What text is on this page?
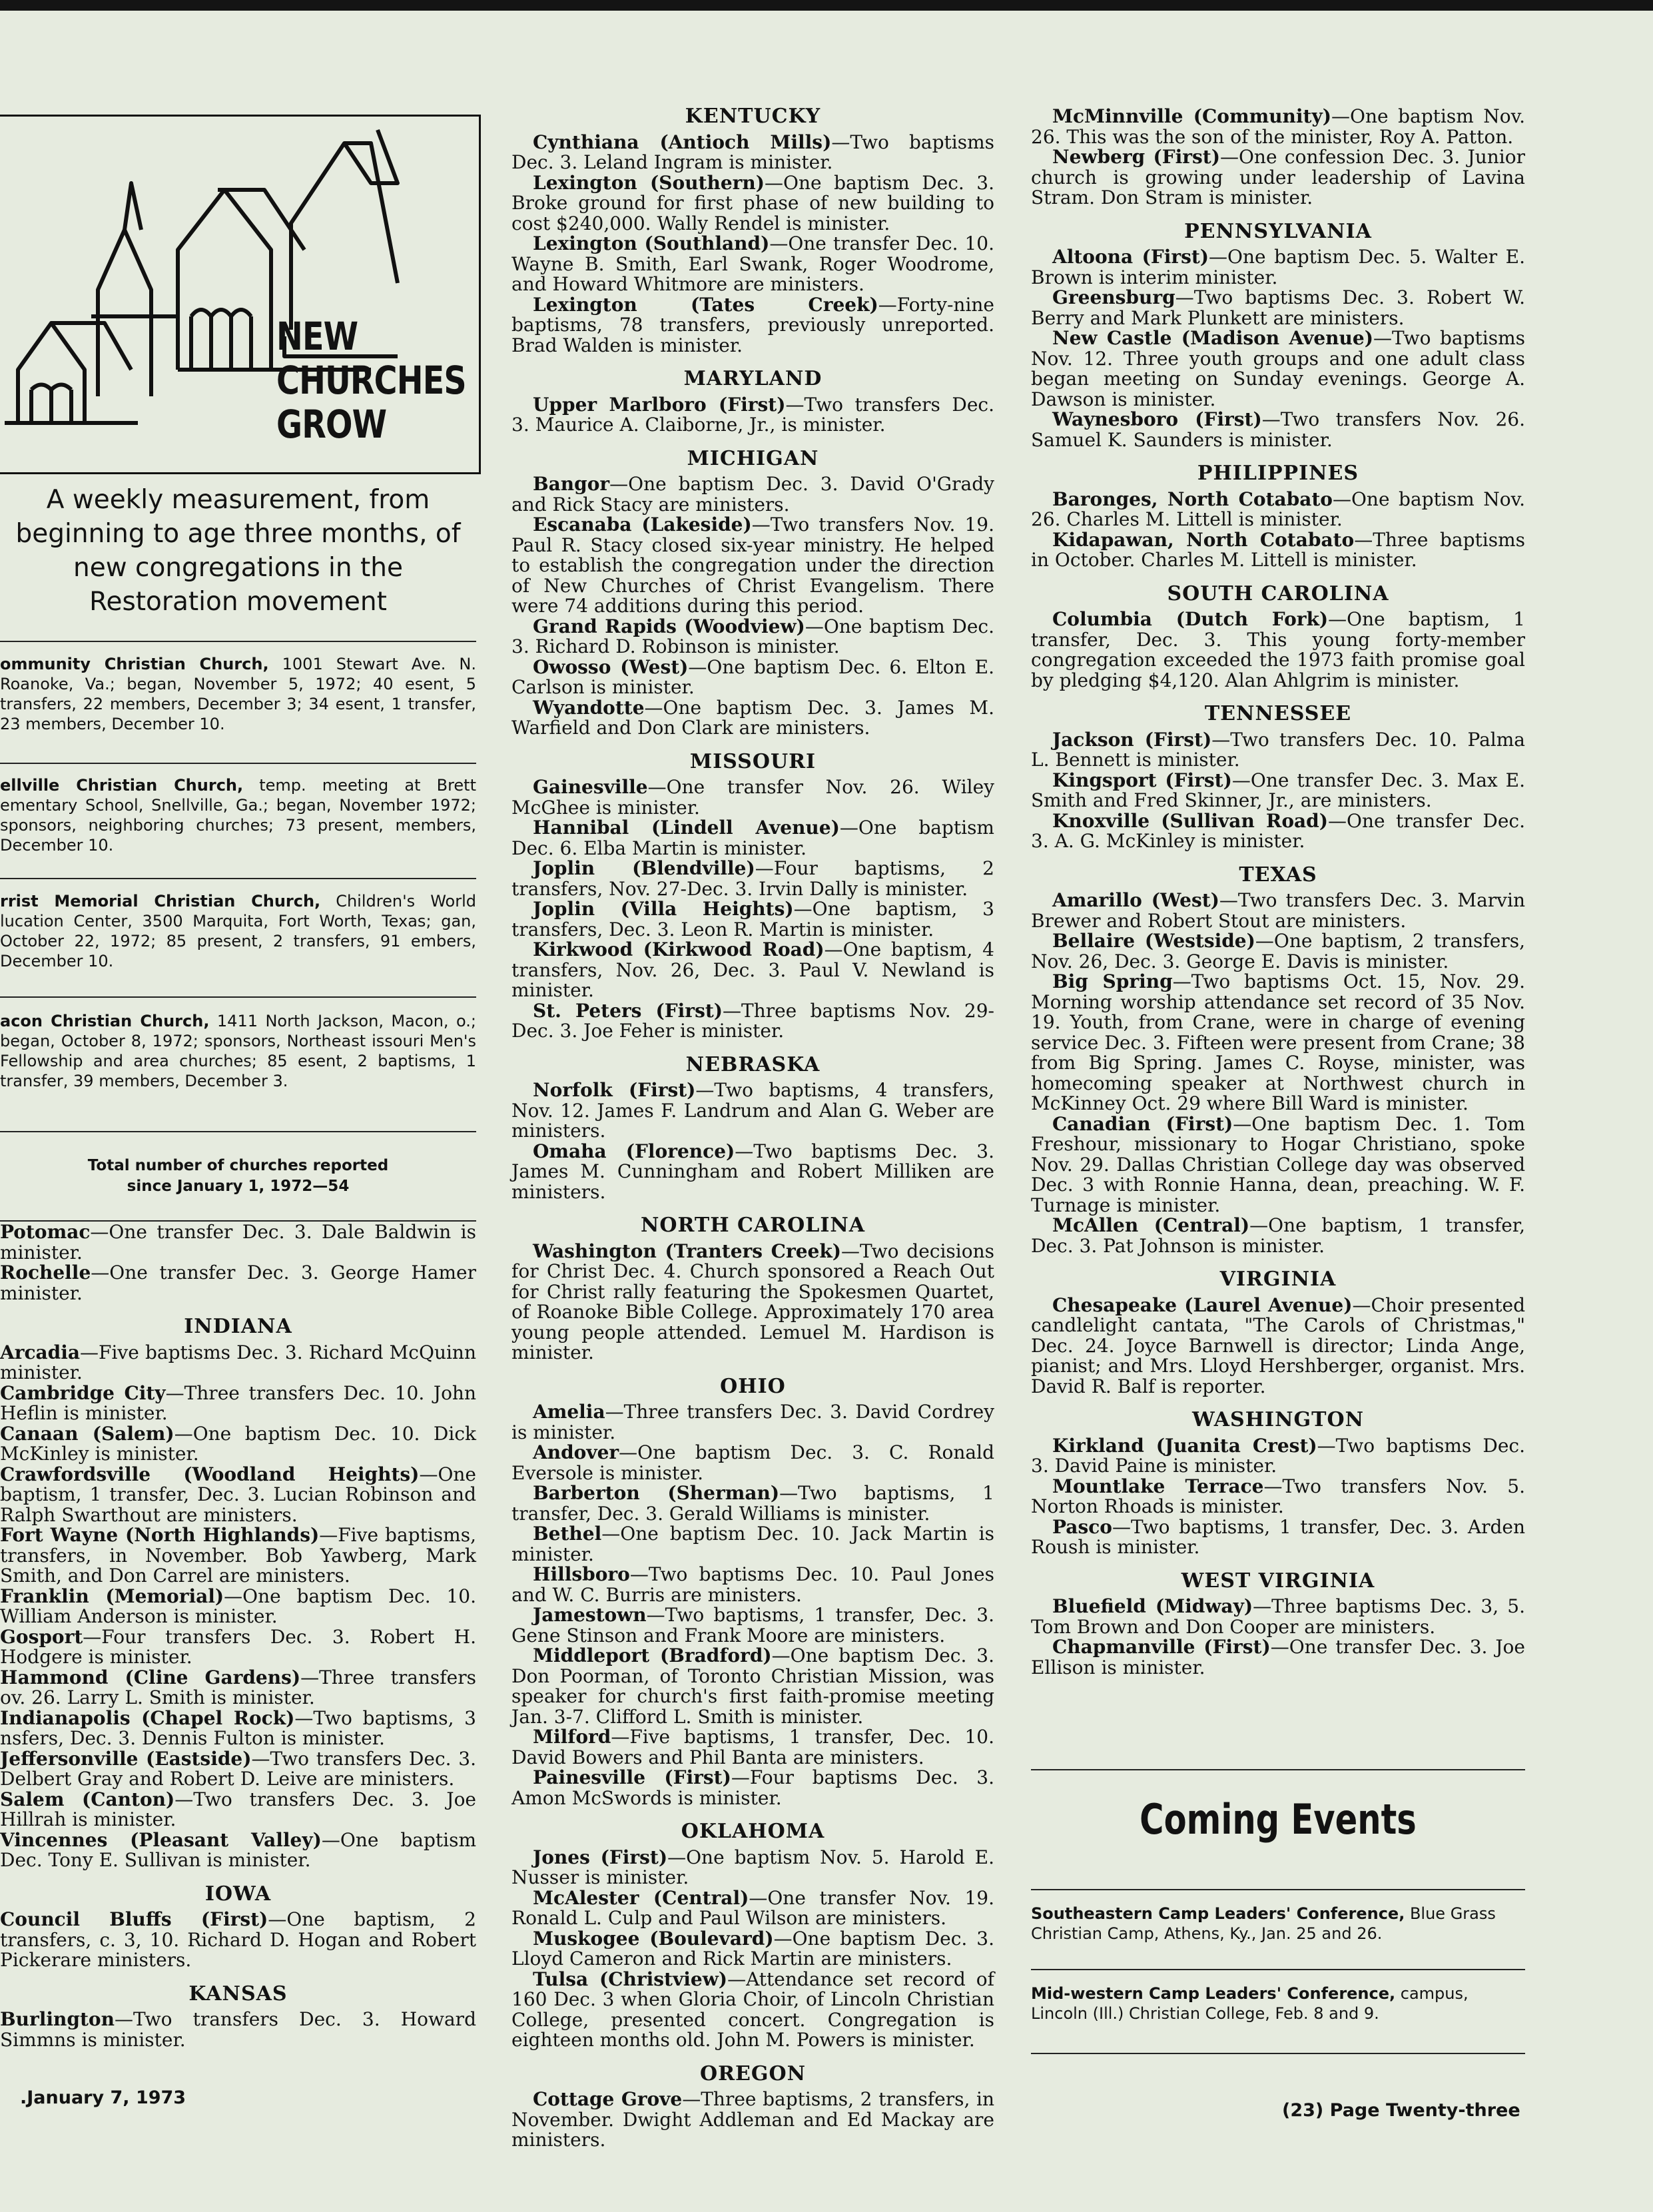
NEW
CHURCHES
GROW
A weekly measurement, from beginning to age three months, of new congregations in the Restoration movement

ommunity Christian Church, 1001 Stewart Ave. N. Roanoke, Va.; began, November 5, 1972; 40 esent, 5 transfers, 22 members, December 3; 34 esent, 1 transfer, 23 members, December 10.

ellville Christian Church, temp. meeting at Brett ementary School, Snellville, Ga.; began, November 1972; sponsors, neighboring churches; 73 present, members, December 10.

rrist Memorial Christian Church, Children's World lucation Center, 3500 Marquita, Fort Worth, Texas; gan, October 22, 1972; 85 present, 2 transfers, 91 embers, December 10.

acon Christian Church, 1411 North Jackson, Macon, o.; began, October 8, 1972; sponsors, Northeast issouri Men's Fellowship and area churches; 85 esent, 2 baptisms, 1 transfer, 39 members, December 3.

Total number of churches reported
since January 1, 1972—54

Potomac—One transfer Dec. 3. Dale Baldwin is minister.

Rochelle—One transfer Dec. 3. George Hamer minister.

INDIANA

Arcadia—Five baptisms Dec. 3. Richard McQuinn minister.

Cambridge City—Three transfers Dec. 10. John Heflin is minister.

Canaan (Salem)—One baptism Dec. 10. Dick McKinley is minister.

Crawfordsville (Woodland Heights)—One baptism, 1 transfer, Dec. 3. Lucian Robinson and Ralph Swarthout are ministers.

Fort Wayne (North Highlands)—Five baptisms, transfers, in November. Bob Yawberg, Mark Smith, and Don Carrel are ministers.

Franklin (Memorial)—One baptism Dec. 10. William Anderson is minister.

Gosport—Four transfers Dec. 3. Robert H. Hodgere is minister.

Hammond (Cline Gardens)—Three transfers ov. 26. Larry L. Smith is minister.

Indianapolis (Chapel Rock)—Two baptisms, 3 nsfers, Dec. 3. Dennis Fulton is minister.

Jeffersonville (Eastside)—Two transfers Dec. 3. Delbert Gray and Robert D. Leive are ministers.

Salem (Canton)—Two transfers Dec. 3. Joe Hillrah is minister.

Vincennes (Pleasant Valley)—One baptism Dec. Tony E. Sullivan is minister.

IOWA

Council Bluffs (First)—One baptism, 2 transfers, c. 3, 10. Richard D. Hogan and Robert Pickerare ministers.

KANSAS

Burlington—Two transfers Dec. 3. Howard Simmns is minister.

KENTUCKY

Cynthiana (Antioch Mills)—Two baptisms Dec. 3. Leland Ingram is minister.

Lexington (Southern)—One baptism Dec. 3. Broke ground for first phase of new building to cost $240,000. Wally Rendel is minister.

Lexington (Southland)—One transfer Dec. 10. Wayne B. Smith, Earl Swank, Roger Woodrome, and Howard Whitmore are ministers.

Lexington (Tates Creek)—Forty-nine baptisms, 78 transfers, previously unreported. Brad Walden is minister.

MARYLAND

Upper Marlboro (First)—Two transfers Dec. 3. Maurice A. Claiborne, Jr., is minister.

MICHIGAN

Bangor—One baptism Dec. 3. David O'Grady and Rick Stacy are ministers.

Escanaba (Lakeside)—Two transfers Nov. 19. Paul R. Stacy closed six-year ministry. He helped to establish the congregation under the direction of New Churches of Christ Evangelism. There were 74 additions during this period.

Grand Rapids (Woodview)—One baptism Dec. 3. Richard D. Robinson is minister.

Owosso (West)—One baptism Dec. 6. Elton E. Carlson is minister.

Wyandotte—One baptism Dec. 3. James M. Warfield and Don Clark are ministers.

MISSOURI

Gainesville—One transfer Nov. 26. Wiley McGhee is minister.

Hannibal (Lindell Avenue)—One baptism Dec. 6. Elba Martin is minister.

Joplin (Blendville)—Four baptisms, 2 transfers, Nov. 27-Dec. 3. Irvin Dally is minister.

Joplin (Villa Heights)—One baptism, 3 transfers, Dec. 3. Leon R. Martin is minister.

Kirkwood (Kirkwood Road)—One baptism, 4 transfers, Nov. 26, Dec. 3. Paul V. Newland is minister.

St. Peters (First)—Three baptisms Nov. 29-Dec. 3. Joe Feher is minister.

NEBRASKA

Norfolk (First)—Two baptisms, 4 transfers, Nov. 12. James F. Landrum and Alan G. Weber are ministers.

Omaha (Florence)—Two baptisms Dec. 3. James M. Cunningham and Robert Milliken are ministers.

NORTH CAROLINA

Washington (Tranters Creek)—Two decisions for Christ Dec. 4. Church sponsored a Reach Out for Christ rally featuring the Spokesmen Quartet, of Roanoke Bible College. Approximately 170 area young people attended. Lemuel M. Hardison is minister.

OHIO

Amelia—Three transfers Dec. 3. David Cordrey is minister.

Andover—One baptism Dec. 3. C. Ronald Eversole is minister.

Barberton (Sherman)—Two baptisms, 1 transfer, Dec. 3. Gerald Williams is minister.

Bethel—One baptism Dec. 10. Jack Martin is minister.

Hillsboro—Two baptisms Dec. 10. Paul Jones and W. C. Burris are ministers.

Jamestown—Two baptisms, 1 transfer, Dec. 3. Gene Stinson and Frank Moore are ministers.

Middleport (Bradford)—One baptism Dec. 3. Don Poorman, of Toronto Christian Mission, was speaker for church's first faith-promise meeting Jan. 3-7. Clifford L. Smith is minister.

Milford—Five baptisms, 1 transfer, Dec. 10. David Bowers and Phil Banta are ministers.

Painesville (First)—Four baptisms Dec. 3. Amon McSwords is minister.

OKLAHOMA

Jones (First)—One baptism Nov. 5. Harold E. Nusser is minister.

McAlester (Central)—One transfer Nov. 19. Ronald L. Culp and Paul Wilson are ministers.

Muskogee (Boulevard)—One baptism Dec. 3. Lloyd Cameron and Rick Martin are ministers.

Tulsa (Christview)—Attendance set record of 160 Dec. 3 when Gloria Choir, of Lincoln Christian College, presented concert. Congregation is eighteen months old. John M. Powers is minister.

OREGON

Cottage Grove—Three baptisms, 2 transfers, in November. Dwight Addleman and Ed Mackay are ministers.

McMinnville (Community)—One baptism Nov. 26. This was the son of the minister, Roy A. Patton.

Newberg (First)—One confession Dec. 3. Junior church is growing under leadership of Lavina Stram. Don Stram is minister.

PENNSYLVANIA

Altoona (First)—One baptism Dec. 5. Walter E. Brown is interim minister.

Greensburg—Two baptisms Dec. 3. Robert W. Berry and Mark Plunkett are ministers.

New Castle (Madison Avenue)—Two baptisms Nov. 12. Three youth groups and one adult class began meeting on Sunday evenings. George A. Dawson is minister.

Waynesboro (First)—Two transfers Nov. 26. Samuel K. Saunders is minister.

PHILIPPINES

Baronges, North Cotabato—One baptism Nov. 26. Charles M. Littell is minister.

Kidapawan, North Cotabato—Three baptisms in October. Charles M. Littell is minister.

SOUTH CAROLINA

Columbia (Dutch Fork)—One baptism, 1 transfer, Dec. 3. This young forty-member congregation exceeded the 1973 faith promise goal by pledging $4,120. Alan Ahlgrim is minister.

TENNESSEE

Jackson (First)—Two transfers Dec. 10. Palma L. Bennett is minister.

Kingsport (First)—One transfer Dec. 3. Max E. Smith and Fred Skinner, Jr., are ministers.

Knoxville (Sullivan Road)—One transfer Dec. 3. A. G. McKinley is minister.

TEXAS

Amarillo (West)—Two transfers Dec. 3. Marvin Brewer and Robert Stout are ministers.

Bellaire (Westside)—One baptism, 2 transfers, Nov. 26, Dec. 3. George E. Davis is minister.

Big Spring—Two baptisms Oct. 15, Nov. 29. Morning worship attendance set record of 35 Nov. 19. Youth, from Crane, were in charge of evening service Dec. 3. Fifteen were present from Crane; 38 from Big Spring. James C. Royse, minister, was homecoming speaker at Northwest church in McKinney Oct. 29 where Bill Ward is minister.

Canadian (First)—One baptism Dec. 1. Tom Freshour, missionary to Hogar Christiano, spoke Nov. 29. Dallas Christian College day was observed Dec. 3 with Ronnie Hanna, dean, preaching. W. F. Turnage is minister.

McAllen (Central)—One baptism, 1 transfer, Dec. 3. Pat Johnson is minister.

VIRGINIA

Chesapeake (Laurel Avenue)—Choir presented candlelight cantata, "The Carols of Christmas," Dec. 24. Joyce Barnwell is director; Linda Ange, pianist; and Mrs. Lloyd Hershberger, organist. Mrs. David R. Balf is reporter.

WASHINGTON

Kirkland (Juanita Crest)—Two baptisms Dec. 3. David Paine is minister.

Mountlake Terrace—Two transfers Nov. 5. Norton Rhoads is minister.

Pasco—Two baptisms, 1 transfer, Dec. 3. Arden Roush is minister.

WEST VIRGINIA

Bluefield (Midway)—Three baptisms Dec. 3, 5. Tom Brown and Don Cooper are ministers.

Chapmanville (First)—One transfer Dec. 3. Joe Ellison is minister.

Coming Events
Southeastern Camp Leaders' Conference, Blue Grass Christian Camp, Athens, Ky., Jan. 25 and 26.
Mid-western Camp Leaders' Conference, campus, Lincoln (Ill.) Christian College, Feb. 8 and 9.
.January 7, 1973
(23) Page Twenty-three
